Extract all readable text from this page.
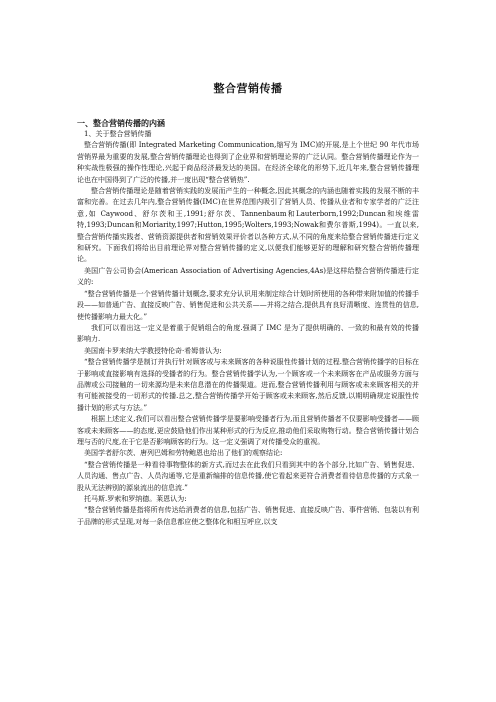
整合营销传播

一、整合营销传播的内涵

1、关于整合营销传播

整合营销传播(即 Integrated Marketing Communication,缩写为 IMC)的开展,是上个世纪 90 年代市场营销界最为重要的发展,整合营销传播理论也得到了企业界和营销理论界的广泛认同。整合营销传播理论作为一种实战性极强的操作性理论,兴起于商品经济最发达的美国。在经济全球化的形势下,近几年来,整合营销传播理论也在中国得到了广泛的传播,并一度出现“整合营销热”.

整合营销传播理论是随着营销实践的发展而产生的一种概念,因此其概念的内涵也随着实践的发展不断的丰富和完善。在过去几年内,整合营销传播(IMC)在世界范围内吸引了营销人员、传播从业者和专家学者的广泛注意,如 Caywood、舒尔茨和王,1991;舒尔茨、Tannenbaum和Lauterborn,1992;Duncan和埃维雷特,1993;Duncan和Moriarity,1997;Hutton,1995;Wolters,1993;Nowak和费尔普斯,1994)。一直以来,整合营销传播实践者、营销资源提供者和营销效果评价者以各种方式,从不同的角度来给整合营销传播进行定义和研究。下面我们将给出目前理论界对整合营销传播的定义,以便我们能够更好的理解和研究整合营销传播理论。

美国广告公司协会(American Association of Advertising Agencies,4As)是这样给整合营销传播进行定义的:

“整合营销传播是一个营销传播计划概念,要求充分认识用来制定综合计划时所使用的各种带来附加值的传播手段——如普通广告、直接反映广告、销售促进和公共关系——并将之结合,提供具有良好清晰度、连贯性的信息,使传播影响力最大化。”

我们可以看出这一定义是着重于促销组合的角度.强调了 IMC 是为了提供明确的、一致的和最有效的传播影响力.

美国南卡罗来纳大学教授特伦奇·希姆普认为:

“整合营销传播学是制订并执行针对顾客或与未来顾客的各种说服性传播计划的过程.整合营销传播学的目标在于影响或直接影响有选择的受播者的行为。整合营销传播学认为,一个顾客或一个未来顾客在产品或服务方面与品牌或公司接触的一切来源均是未来信息潜在的传播渠道。进而,整合营销传播利用与顾客或未来顾客相关的并有可能被接受的一切形式的传播.总之,整合营销传播学开始于顾客或未来顾客,然后反馈,以期明确规定说服性传播计划的形式与方法。”

根据上述定义,我们可以看出整合营销传播学是要影响受播者行为,而且营销传播者不仅要影响受播者——顾客或未来顾客——的态度,更应鼓励他们作出某种形式的行为反应,推动他们采取购物行动。整合营销传播计划合理与否的尺度,在于它是否影响顾客的行为。这一定义强调了对传播受众的重视。

美国学者舒尔茨、唐列巴姆和劳特鲍恩也给出了他们的观察结论:

“整合营销传播是一种看待事物整体的新方式,而过去在此我们只看到其中的各个部分,比如广告、销售促进、人员沟通、售点广告、人员沟通等,它是重新编排的信息传播,使它看起来更符合消费者看待信息传播的方式象一股从无法辨别的源泉流出的信息流.”

托马斯.罗索和罗纳德。莱恩认为:

“整合营销传播是指将所有传达给消费者的信息,包括广告、销售促进、直接反映广告、事件营销、包装以有利于品牌的形式呈现,对每一条信息都应使之整体化和相互呼应,以支
